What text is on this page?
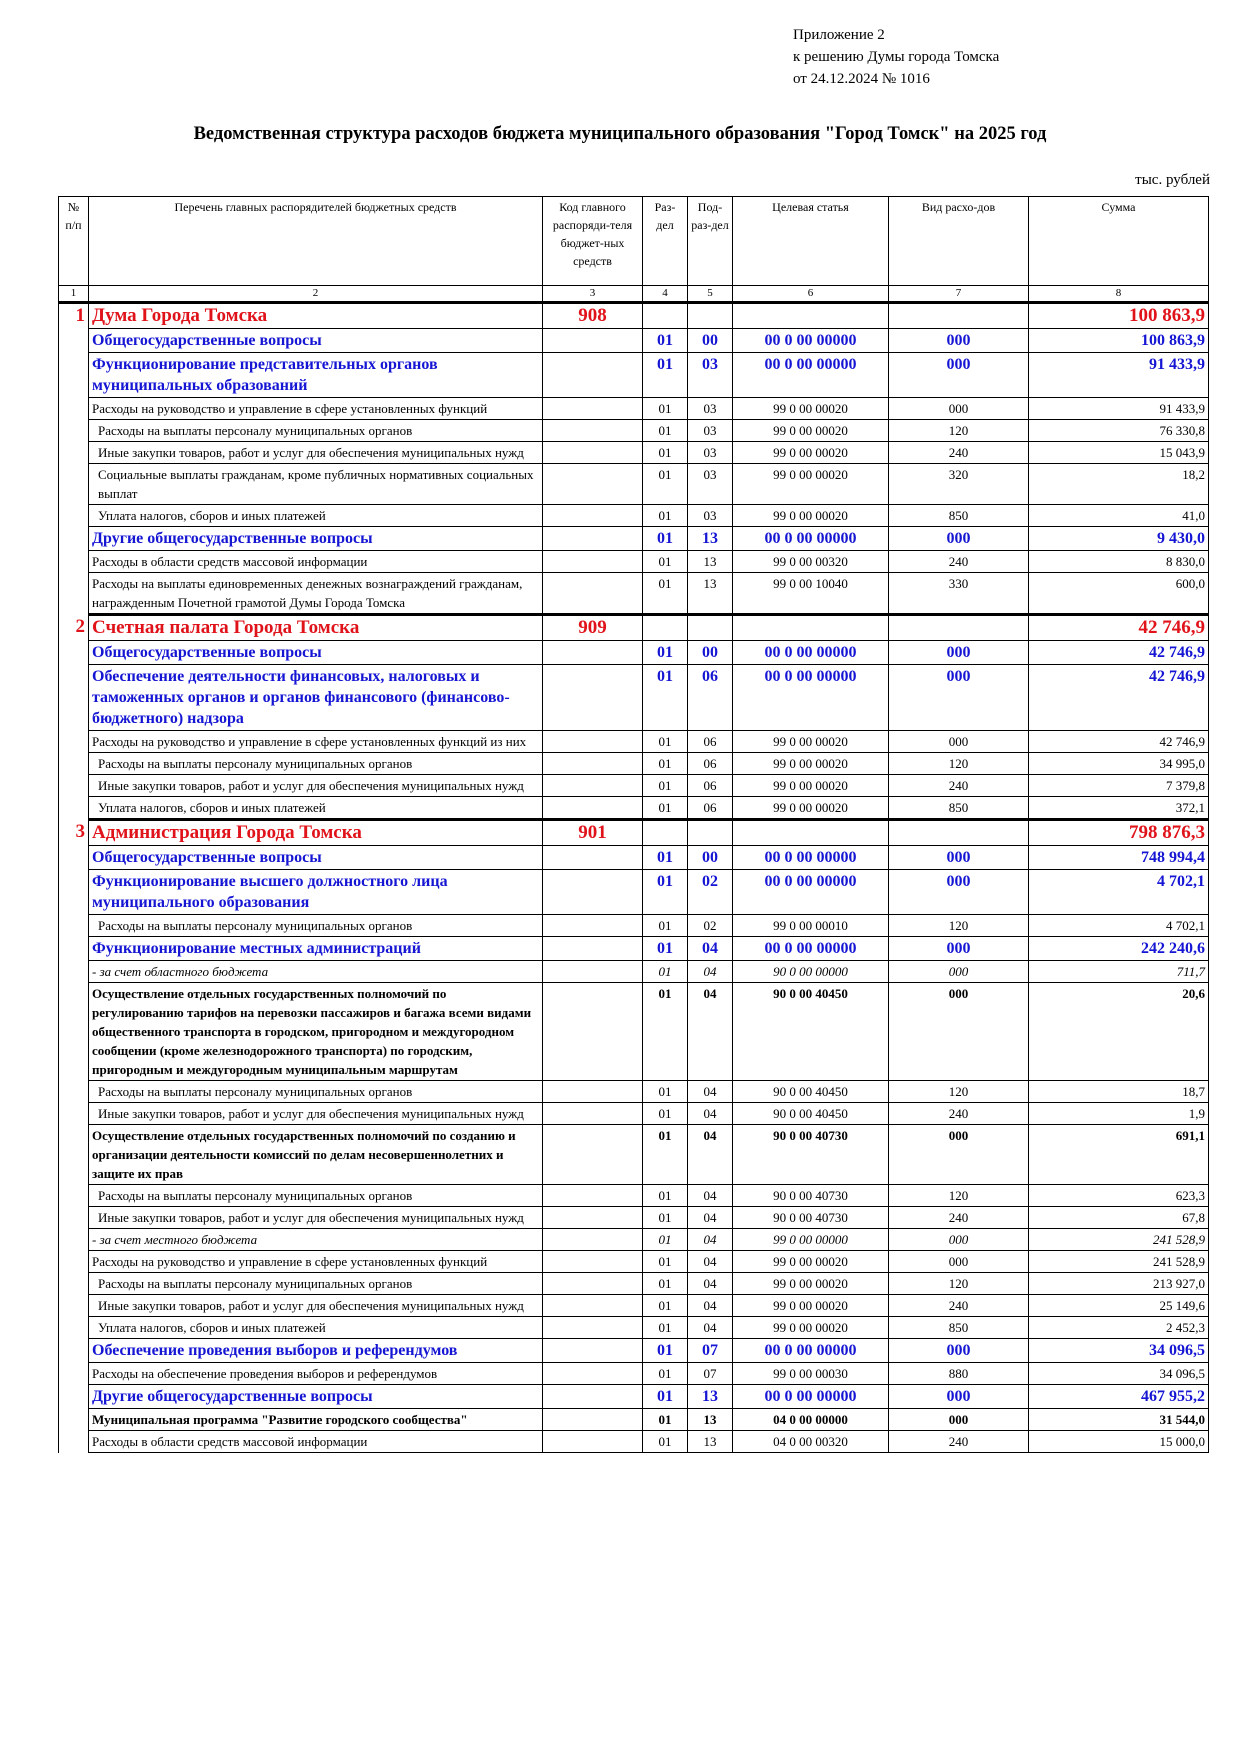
Приложение 2
к решению Думы города Томска
от 24.12.2024 № 1016
Ведомственная структура расходов бюджета муниципального образования "Город Томск" на 2025 год
тыс. рублей
№ п/п	Перечень главных распорядителей бюджетных средств	Код главного распоряди-теля бюджет-ных средств	Раз-дел	Под-раз-дел	Целевая статья	Вид расхо-дов	Сумма
1	2	3	4	5	6	7	8
1	Дума Города Томска	908					100 863,9
	Общегосударственные вопросы		01	00	00 0 00 00000	000	100 863,9
	Функционирование представительных органов муниципальных образований		01	03	00 0 00 00000	000	91 433,9
	Расходы на руководство и управление в сфере установленных функций		01	03	99 0 00 00020	000	91 433,9
	Расходы на выплаты персоналу муниципальных органов		01	03	99 0 00 00020	120	76 330,8
	Иные закупки товаров, работ и услуг для обеспечения муниципальных нужд		01	03	99 0 00 00020	240	15 043,9
	Социальные выплаты гражданам, кроме публичных нормативных социальных выплат		01	03	99 0 00 00020	320	18,2
	Уплата налогов, сборов и иных платежей		01	03	99 0 00 00020	850	41,0
	Другие общегосударственные вопросы		01	13	00 0 00 00000	000	9 430,0
	Расходы в области средств массовой информации		01	13	99 0 00 00320	240	8 830,0
	Расходы на выплаты единовременных денежных вознаграждений гражданам, награжденным Почетной грамотой Думы Города Томска		01	13	99 0 00 10040	330	600,0
2	Счетная палата Города Томска	909					42 746,9
	Общегосударственные вопросы		01	00	00 0 00 00000	000	42 746,9
	Обеспечение деятельности финансовых, налоговых и таможенных органов и органов финансового (финансово-бюджетного) надзора		01	06	00 0 00 00000	000	42 746,9
	Расходы на руководство и управление в сфере установленных функций из них		01	06	99 0 00 00020	000	42 746,9
	Расходы на выплаты персоналу муниципальных органов		01	06	99 0 00 00020	120	34 995,0
	Иные закупки товаров, работ и услуг для обеспечения муниципальных нужд		01	06	99 0 00 00020	240	7 379,8
	Уплата налогов, сборов и иных платежей		01	06	99 0 00 00020	850	372,1
3	Администрация Города Томска	901					798 876,3
	Общегосударственные вопросы		01	00	00 0 00 00000	000	748 994,4
	Функционирование высшего должностного лица муниципального образования		01	02	00 0 00 00000	000	4 702,1
	Расходы на выплаты персоналу муниципальных органов		01	02	99 0 00 00010	120	4 702,1
	Функционирование местных администраций		01	04	00 0 00 00000	000	242 240,6
	- за счет областного бюджета		01	04	90 0 00 00000	000	711,7
	Осуществление отдельных государственных полномочий по регулированию тарифов на перевозки пассажиров и багажа всеми видами общественного транспорта в городском, пригородном и междугородном сообщении (кроме железнодорожного транспорта) по городским, пригородным и междугородным муниципальным маршрутам		01	04	90 0 00 40450	000	20,6
	Расходы на выплаты персоналу муниципальных органов		01	04	90 0 00 40450	120	18,7
	Иные закупки товаров, работ и услуг для обеспечения муниципальных нужд		01	04	90 0 00 40450	240	1,9
	Осуществление отдельных государственных полномочий по созданию и организации деятельности комиссий по делам несовершеннолетних и защите их прав		01	04	90 0 00 40730	000	691,1
	Расходы на выплаты персоналу муниципальных органов		01	04	90 0 00 40730	120	623,3
	Иные закупки товаров, работ и услуг для обеспечения муниципальных нужд		01	04	90 0 00 40730	240	67,8
	- за счет местного бюджета		01	04	99 0 00 00000	000	241 528,9
	Расходы на руководство и управление в сфере установленных функций		01	04	99 0 00 00020	000	241 528,9
	Расходы на выплаты персоналу муниципальных органов		01	04	99 0 00 00020	120	213 927,0
	Иные закупки товаров, работ и услуг для обеспечения муниципальных нужд		01	04	99 0 00 00020	240	25 149,6
	Уплата налогов, сборов и иных платежей		01	04	99 0 00 00020	850	2 452,3
	Обеспечение проведения выборов и референдумов		01	07	00 0 00 00000	000	34 096,5
	Расходы на обеспечение проведения выборов и референдумов		01	07	99 0 00 00030	880	34 096,5
	Другие общегосударственные вопросы		01	13	00 0 00 00000	000	467 955,2
	Муниципальная программа "Развитие городского сообщества"		01	13	04 0 00 00000	000	31 544,0
	Расходы в области средств массовой информации		01	13	04 0 00 00320	240	15 000,0
